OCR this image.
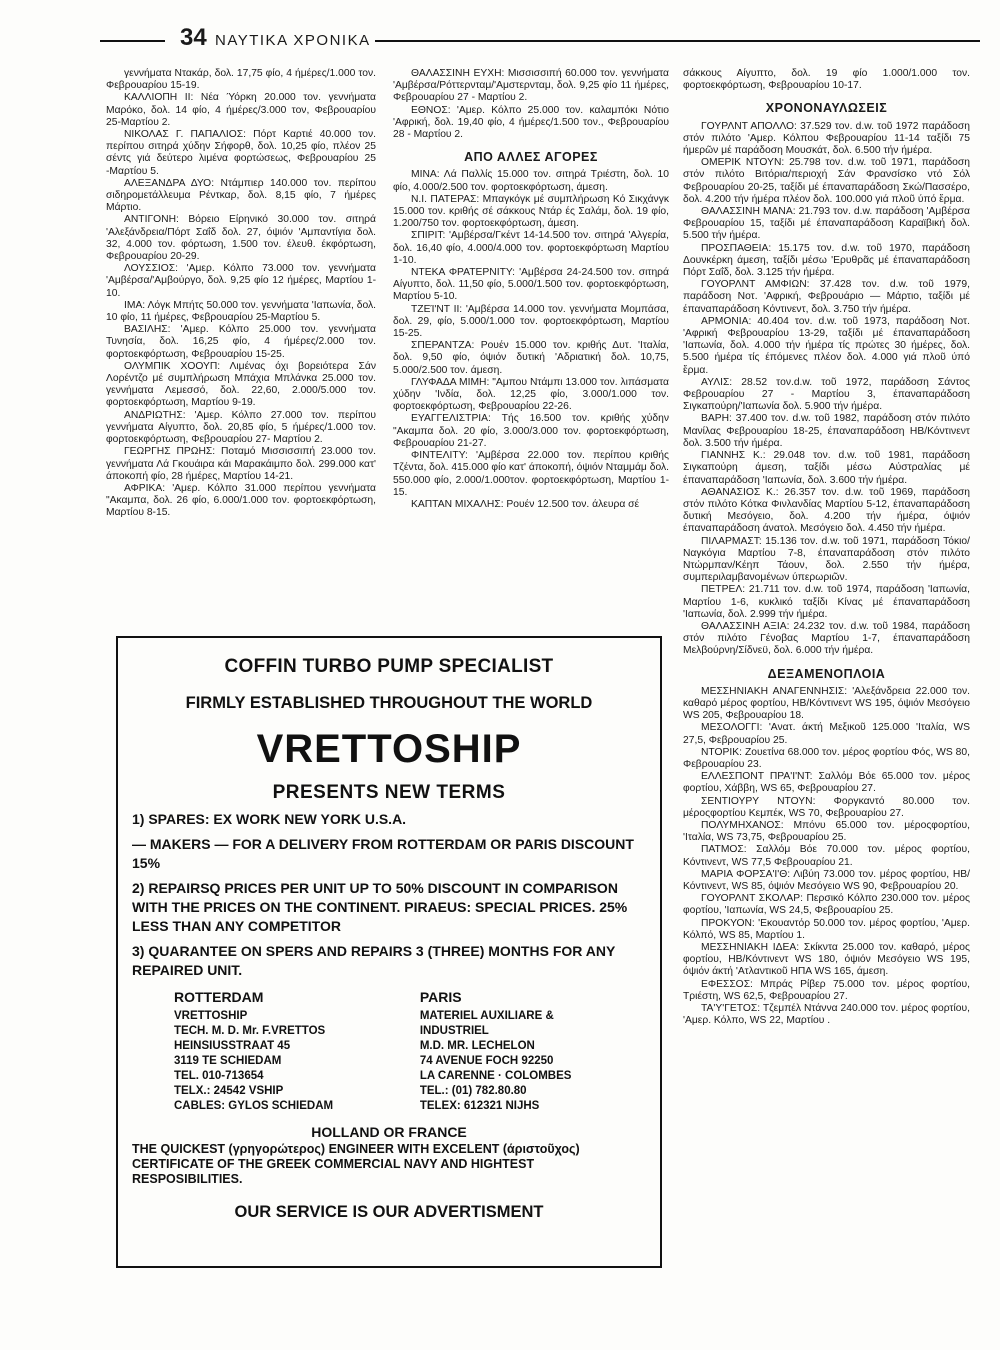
34 ΝΑΥΤΙΚΑ ΧΡΟΝΙΚΑ

γεννήματα Ντακάρ, δολ. 17,75 φίο, 4 ήμέρες/1.000 τον. Φεβρουαρίου 15-19.

ΚΑΛΛΙΟΠΗ ΙΙ: Νέα Ύόρκη 20.000 τον. γεννήματα Μαρόκο, δολ. 14 φίο, 4 ήμέρες/3.000 τον, Φεβρουαρίου 25-Μαρτίου 2.

ΝΙΚΟΛΑΣ Γ. ΠΑΠΑΛΙΟΣ: Πόρτ Καρτιέ 40.000 τον. περίπου σιτηρά χύδην Σήφορθ, δολ. 10,25 φίο, πλέον 25 σέντς γιά δεύτερο λιμένα φορτώσεως, Φεβρουαρίου 25 -Μαρτίου 5.

ΑΛΕΞΑΝΔΡΑ ΔΥΟ: Ντάμπιερ 140.000 τον. περίπου σιδηρομετάλλευμα Ρέντκαρ, δολ. 8,15 φίο, 7 ήμέρες Μάρτιο.

ΑΝΤΙΓΟΝΗ: Βόρειο Είρηνικό 30.000 τον. σιτηρά 'Αλεξάνδρεια/Πόρτ Σαΐδ δολ. 27, όψιόν 'Αμπαντίγια δολ. 32, 4.000 τον. φόρτωση, 1.500 τον. έλευθ. έκφόρτωση, Φεβρουαρίου 20-29.

ΛΟΥΣΣΙΟΣ: 'Αμερ. Κόλπο 73.000 τον. γεννήματα 'Αμβέρσα/'Αμβούργο, δολ. 9,25 φίο 12 ήμέρες, Μαρτίου 1-10.

ΙΜΑ: Λόγκ Μπήτς 50.000 τον. γεννήματα 'Ιαπωνία, δολ. 10 φίο, 11 ήμέρες, Φεβρουαρίου 25-Μαρτίου 5.

ΒΑΣΙΛΗΣ: 'Αμερ. Κόλπο 25.000 τον. γεννήματα Τυνησία, δολ. 16,25 φίο, 4 ήμέρες/2.000 τον. φορτοεκφόρτωση, Φεβρουαρίου 15-25.

ΟΛΥΜΠΙΚ ΧΟΟΥΠ: Λιμένας όχι βορειότερα Σάν Λορέντζο μέ συμπλήρωση Μπάχια Μπλάνκα 25.000 τον. γεννήματα Λεμεσσό, δολ. 22,60, 2.000/5.000 τον. φορτοεκφόρτωση, Μαρτίου 9-19.

ΑΝΔΡΙΩΤΗΣ: 'Αμερ. Κόλπο 27.000 τον. περίπου γεννήματα Αίγυπτο, δολ. 20,85 φίο, 5 ήμέρες/1.000 τον. φορτοεκφόρτωση, Φεβρουαρίου 27- Μαρτίου 2.

ΓΕΩΡΓΗΣ ΠΡΩΗΣ: Ποταμό Μισσισσιπή 23.000 τον. γεννήματα Λά Γκουάιρα κάι Μαρακάιμπο δολ. 299.000 κατ' άποκοπή φίο, 28 ήμέρες, Μαρτίου 14-21.

ΑΦΡΙΚΑ: 'Αμερ. Κόλπο 31.000 περίπου γεννήματα "Ακαμπα, δολ. 26 φίο, 6.000/1.000 τον. φορτοεκφόρτωση, Μαρτίου 8-15.

ΘΑΛΑΣΣΙΝΗ ΕΥΧΗ: Μισσισσιπή 60.000 τον. γεννήματα 'Αμβέρσα/Ρόττερνταμ/'Αμστερνταμ, δολ. 9,25 φίο 11 ήμέρες, Φεβρουαρίου 27 - Μαρτίου 2.

ΕΘΝΟΣ: 'Αμερ. Κόλπο 25.000 τον. καλαμπόκι Νότιο 'Αφρική, δολ. 19,40 φίο, 4 ήμέρες/1.500 τον., Φεβρουαρίου 28 - Μαρτίου 2.

ΑΠΟ ΑΛΛΕΣ ΑΓΟΡΕΣ

ΜΙΝΑ: Λά Παλλίς 15.000 τον. σιτηρά Τριέστη, δολ. 10 φίο, 4.000/2.500 τον. φορτοεκφόρτωση, άμεση.

Ν.Ι. ΠΑΤΕΡΑΣ: Μπαγκόγκ μέ συμπλήρωση Κό Σικχάνγκ 15.000 τον. κριθής σέ σάκκους Ντάρ ές Σαλάμ, δολ. 19 φίο, 1.200/750 τον. φορτοεκφόρτωση, άμεση.

ΣΠΙΡΙΤ: 'Αμβέρσα/Γκέντ 14-14.500 τον. σιτηρά 'Αλγερία, δολ. 16,40 φίο, 4.000/4.000 τον. φορτοεκφόρτωση Μαρτίου 1-10.

ΝΤΕΚΑ ΦΡΑΤΕΡΝΙΤΥ: 'Αμβέρσα 24-24.500 τον. σιτηρά Αίγυπτο, δολ. 11,50 φίο, 5.000/1.500 τον. φορτοεκφόρτωση, Μαρτίου 5-10.

ΤΖΕΊ'ΝΤ ΙΙ: 'Αμβέρσα 14.000 τον. γεννήματα Μομπάσα, δολ. 29, φίο, 5.000/1.000 τον. φορτοεκφόρτωση, Μαρτίου 15-25.

ΣΠΕΡΑΝΤΖΑ: Ρουέν 15.000 τον. κριθής Δυτ. 'Ιταλία, δολ. 9,50 φίο, όψιόν δυτική 'Αδριατική δολ. 10,75, 5.000/2.500 τον. άμεση.

ΓΛΥΦΑΔΑ ΜΙΜΗ: "Αμπου Ντάμπι 13.000 τον. λιπάσματα χύδην 'Ινδία, δολ. 12,25 φίο, 3.000/1.000 τον. φορτοεκφόρτωση, Φεβρουαρίου 22-26.

ΕΥΑΓΓΕΛΙΣΤΡΙΑ: Τής 16.500 τον. κριθής χύδην "Ακαμπα δολ. 20 φίο, 3.000/3.000 τον. φορτοεκφόρτωση, Φεβρουαρίου 21-27.

ΦΙΝΤΕΛΙΤΥ: 'Αμβέρσα 22.000 τον. περίπου κριθής Τζέντα, δολ. 415.000 φίο κατ' άποκοπή, όψιόν Νταμμάμ δολ. 550.000 φίο, 2.000/1.000τον. φορτοεκφόρτωση, Μαρτίου 1-15.

ΚΑΠΤΑΝ ΜΙΧΑΛΗΣ: Ρουέν 12.500 τον. άλευρα σέ

σάκκους Αίγυπτο, δολ. 19 φίο 1.000/1.000 τον. φορτοεκφόρτωση, Φεβρουαρίου 10-17.

ΧΡΟΝΟΝΑΥΛΩΣΕΙΣ

ΓΟΥΡΛΝΤ ΑΠΟΛΛΟ: 37.529 τον. d.w. τοῦ 1972 παράδοση στόν πιλότο 'Αμερ. Κόλπου Φεβρουαρίου 11-14 ταξίδι 75 ήμερῶν μέ παράδοση Μουσκάτ, δολ. 6.500 τήν ήμέρα.

ΟΜΕΡΙΚ ΝΤΟΥΝ: 25.798 τον. d.w. τοῦ 1971, παράδοση στόν πιλότο Βιτόρια/περιοχή Σάν Φρανσίσκο ντό Σόλ Φεβρουαρίου 20-25, ταξίδι μέ έπαναπαράδοση Σκώ/Πασσέρο, δολ. 4.200 τήν ήμέρα πλέον δολ. 100.000 γιά πλοῦ ύπό ἕρμα.

ΘΑΛΑΣΣΙΝΗ ΜΑΝΑ: 21.793 τον. d.w. παράδοση 'Αμβέρσα Φεβρουαρίου 15, ταξίδι μέ έπαναπαράδοση Καραϊβική δολ. 5.500 τήν ήμέρα.

ΠΡΟΣΠΑΘΕΙΑ: 15.175 τον. d.w. τοῦ 1970, παράδοση Δουνκέρκη άμεση, ταξίδι μέσω 'Ερυθρᾶς μέ έπαναπαράδοση Πόρτ Σαΐδ, δολ. 3.125 τήν ήμέρα.

ΓΟΥΟΡΛΝΤ ΑΜΦΙΩΝ: 37.428 τον. d.w. τοῦ 1979, παράδοση Νοτ. 'Αφρική, Φεβρουάριο — Μάρτιο, ταξίδι μέ έπαναπαράδοση Κόντινεντ, δολ. 3.750 τήν ήμέρα.

ΑΡΜΟΝΙΑ: 40.404 τον. d.w. τοῦ 1973, παράδοση Νοτ. 'Αφρική Φεβρουαρίου 13-29, ταξίδι μέ έπαναπαράδοση 'Ιαπωνία, δολ. 4.000 τήν ήμέρα τίς πρώτες 30 ήμέρες, δολ. 5.500 ήμέρα τίς έπόμενες πλέον δολ. 4.000 γιά πλοῦ ύπό ἕρμα.

ΑΥΛΙΣ: 28.52 τον.d.w. τοῦ 1972, παράδοση Σάντος Φεβρουαρίου 27 - Μαρτίου 3, έπαναπαράδοση Σιγκαπούρη/'Ιαπωνία δολ. 5.900 τήν ήμέρα.

ΒΑΡΗ: 37.400 τον. d.w. τοῦ 1982, παράδοση στόν πιλότο Μανίλας Φεβρουαρίου 18-25, έπαναπαράδοση ΗΒ/Κόντινεντ δολ. 3.500 τήν ήμέρα.

ΓΙΑΝΝΗΣ Κ.: 29.048 τον. d.w. τοῦ 1981, παράδοση Σιγκαπούρη άμεση, ταξίδι μέσω Αύστραλίας μέ έπαναπαράδοση 'Ιαπωνία, δολ. 3.600 τήν ήμέρα.

ΑΘΑΝΑΣΙΟΣ Κ.: 26.357 τον. d.w. τοῦ 1969, παράδοση στόν πιλότο Κότκα Φινλανδίας Μαρτίου 5-12, έπαναπαράδοση δυτική Μεσόγειο, δολ. 4.200 τήν ήμέρα, όψιόν έπαναπαράδοση άνατολ. Μεσόγειο δολ. 4.450 τήν ήμέρα.

ΠΙΛΑΡΜΑΣΤ: 15.136 τον. d.w. τοῦ 1971, παράδοση Τόκιο/Ναγκόγια Μαρτίου 7-8, έπαναπαράδοση στόν πιλότο Ντώρμπαν/Κέηπ Τάουν, δολ. 2.550 τήν ήμέρα, συμπεριλαμβανομένων ύπερωριῶν.

ΠΕΤΡΕΛ: 21.711 τον. d.w. τοῦ 1974, παράδοση 'Ιαπωνία, Μαρτίου 1-6, κυκλικό ταξίδι Κίνας μέ έπαναπαράδοση 'Ιαπωνία, δολ. 2.999 τήν ήμέρα.

ΘΑΛΑΣΣΙΝΗ ΑΞΙΑ: 24.232 τον. d.w. τοῦ 1984, παράδοση στόν πιλότο Γένοβας Μαρτίου 1-7, έπαναπαράδοση Μελβούρνη/Σίδνεϋ, δολ. 6.000 τήν ήμέρα.

ΔΕΞΑΜΕΝΟΠΛΟΙΑ

ΜΕΣΣΗΝΙΑΚΗ ΑΝΑΓΕΝΝΗΣΙΣ: 'Αλεξάνδρεια 22.000 τον. καθαρό μέρος φορτίου, ΗΒ/Κόντινεντ WS 195, όψιόν Μεσόγειο WS 205, Φεβρουαρίου 18.

ΜΕΣΟΛΟΓΓΙ: 'Ανατ. άκτή Μεξικοῦ 125.000 'Ιταλία, WS 27,5, Φεβρουαρίου 25.

ΝΤΟΡΙΚ: Ζουετίνα 68.000 τον. μέρος φορτίου Φός, WS 80, Φεβρουαρίου 23.

ΕΛΛΕΣΠΟΝΤ ΠΡΑ'Ι'ΝΤ: Σαλλόμ Βόε 65.000 τον. μέρος φορτίου, Χάββη, WS 65, Φεβρουαρίου 27.

ΣΕΝΤΙΟΥΡΥ ΝΤΟΥΝ: Φοργκαντό 80.000 τον. μέροςφορτίου Κεμπέκ, WS 70, Φεβρουαρίου 27.

ΠΟΛΥΜΗΧΑΝΟΣ: Μπόνυ 65.000 τον. μέροςφορτίου, 'Ιταλία, WS 73,75, Φεβρουαρίου 25.

ΠΑΤΜΟΣ: Σαλλόμ Βόε 70.000 τον. μέρος φορτίου, Κόντινεντ, WS 77,5 Φεβρουαρίου 21.

ΜΑΡΙΑ ΦΟΡΣΑ'Ι'Θ: Λιβύη 73.000 τον. μέρος φορτίου, ΗΒ/Κόντινεντ, WS 85, όψιόν Μεσόγειο WS 90, Φεβρουαρίου 20.

ΓΟΥΟΡΛΝΤ ΣΚΟΛΑΡ: Περσικό Κόλπο 230.000 τον. μέρος φορτίου, 'Ιαπωνία, WS 24,5, Φεβρουαρίου 25.

ΠΡΟΚΥΟΝ: 'Εκουαντόρ 50.000 τον. μέρος φορτίου, 'Αμερ. Κόλπό, WS 85, Μαρτίου 1.

ΜΕΣΣΗΝΙΑΚΗ ΙΔΕΑ: Σκίκντα 25.000 τον. καθαρό, μέρος φορτίου, ΗΒ/Κόντινεντ WS 180, όψιόν Μεσόγειο WS 195, όψιόν άκτή 'Ατλαντικοῦ ΗΠΑ WS 165, άμεση.

ΕΦΕΣΣΟΣ: Μπράς Ρίβερ 75.000 τον. μέρος φορτίου, Τριέστη, WS 62,5, Φεβρουαρίου 27.

ΤΑ'Υ'ΓΕΤΟΣ: Τζεμπέλ Ντάννα 240.000 τον. μέρος φορτίου, 'Αμερ. Κόλπο, WS 22, Μαρτίου .

COFFIN TURBO PUMP SPECIALIST
FIRMLY ESTABLISHED THROUGHOUT THE WORLD
VRETTOSHIP
PRESENTS NEW TERMS
1) SPARES: EX WORK NEW YORK U.S.A.
— MAKERS — FOR A DELIVERY FROM ROTTERDAM OR PARIS DISCOUNT 15%
2) REPAIRSQ PRICES PER UNIT UP TO 50% DISCOUNT IN COMPARISON WITH THE PRICES ON THE CONTINENT. PIRAEUS: SPECIAL PRICES. 25% LESS THAN ANY COMPETITOR
3) QUARANTEE ON SPERS AND REPAIRS 3 (THREE) MONTHS FOR ANY REPAIRED UNIT.
ROTTERDAM
VRETTOSHIP
TECH. M. D. Mr. F.VRETTOS
HEINSIUSSTRAAT 45
3119 TE SCHIEDAM
TEL. 010-713654
TELX.: 24542 VSHIP
CABLES: GYLOS SCHIEDAM
PARIS
MATERIEL AUXILIARE &
INDUSTRIEL
M.D. MR. LECHELON
74 AVENUE FOCH 92250
LA CARENNE · COLOMBES
TEL.: (01) 782.80.80
TELEX: 612321 NIJHS
HOLLAND OR FRANCE
THE QUICKEST (γρηγορώτερος) ENGINEER WITH EXCELENT (άριστοῦχος) CERTIFICATE OF THE GREEK COMMERCIAL NAVY AND HIGHTEST RESPOSIBILITIES.
OUR SERVICE IS OUR ADVERTISMENT
